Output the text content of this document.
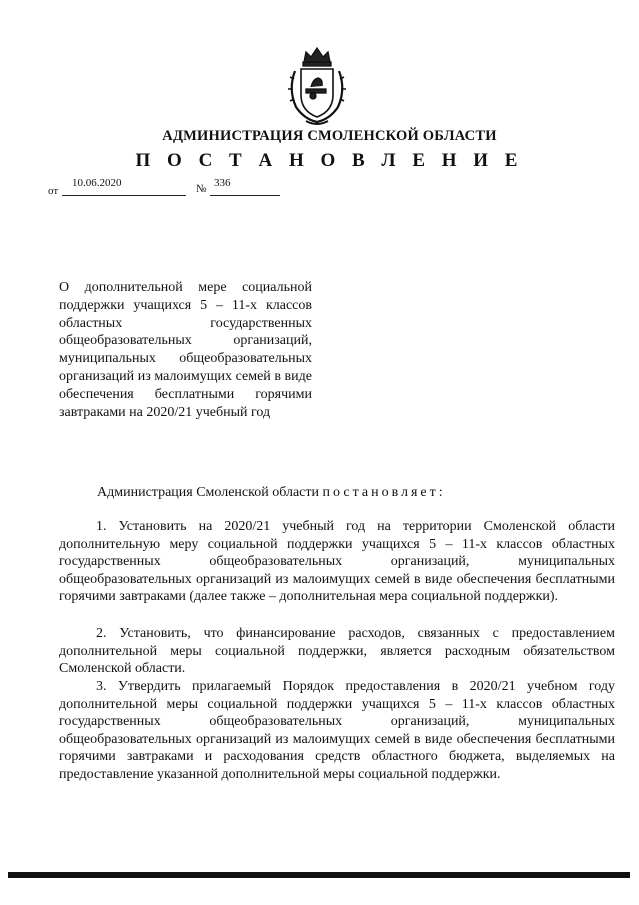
АДМИНИСТРАЦИЯ СМОЛЕНСКОЙ ОБЛАСТИ
П О С Т А Н О В Л Е Н И Е
от
10.06.2020	№ 336
О дополнительной мере социальной поддержки учащихся 5 – 11-х классов областных государственных общеобразовательных организаций, муниципальных общеобразовательных организаций из малоимущих семей в виде обеспечения бесплатными горячими завтраками на 2020/21 учебный год
Администрация Смоленской области постановляет:
1. Установить на 2020/21 учебный год на территории Смоленской области дополнительную меру социальной поддержки учащихся 5 – 11-х классов областных государственных общеобразовательных организаций, муниципальных общеобразовательных организаций из малоимущих семей в виде обеспечения бесплатными горячими завтраками (далее также – дополнительная мера социальной поддержки).
2. Установить, что финансирование расходов, связанных с предоставлением дополнительной меры социальной поддержки, является расходным обязательством Смоленской области.
3. Утвердить прилагаемый Порядок предоставления в 2020/21 учебном году дополнительной меры социальной поддержки учащихся 5 – 11-х классов областных государственных общеобразовательных организаций, муниципальных общеобразовательных организаций из малоимущих семей в виде обеспечения бесплатными горячими завтраками и расходования средств областного бюджета, выделяемых на предоставление указанной дополнительной меры социальной поддержки.
